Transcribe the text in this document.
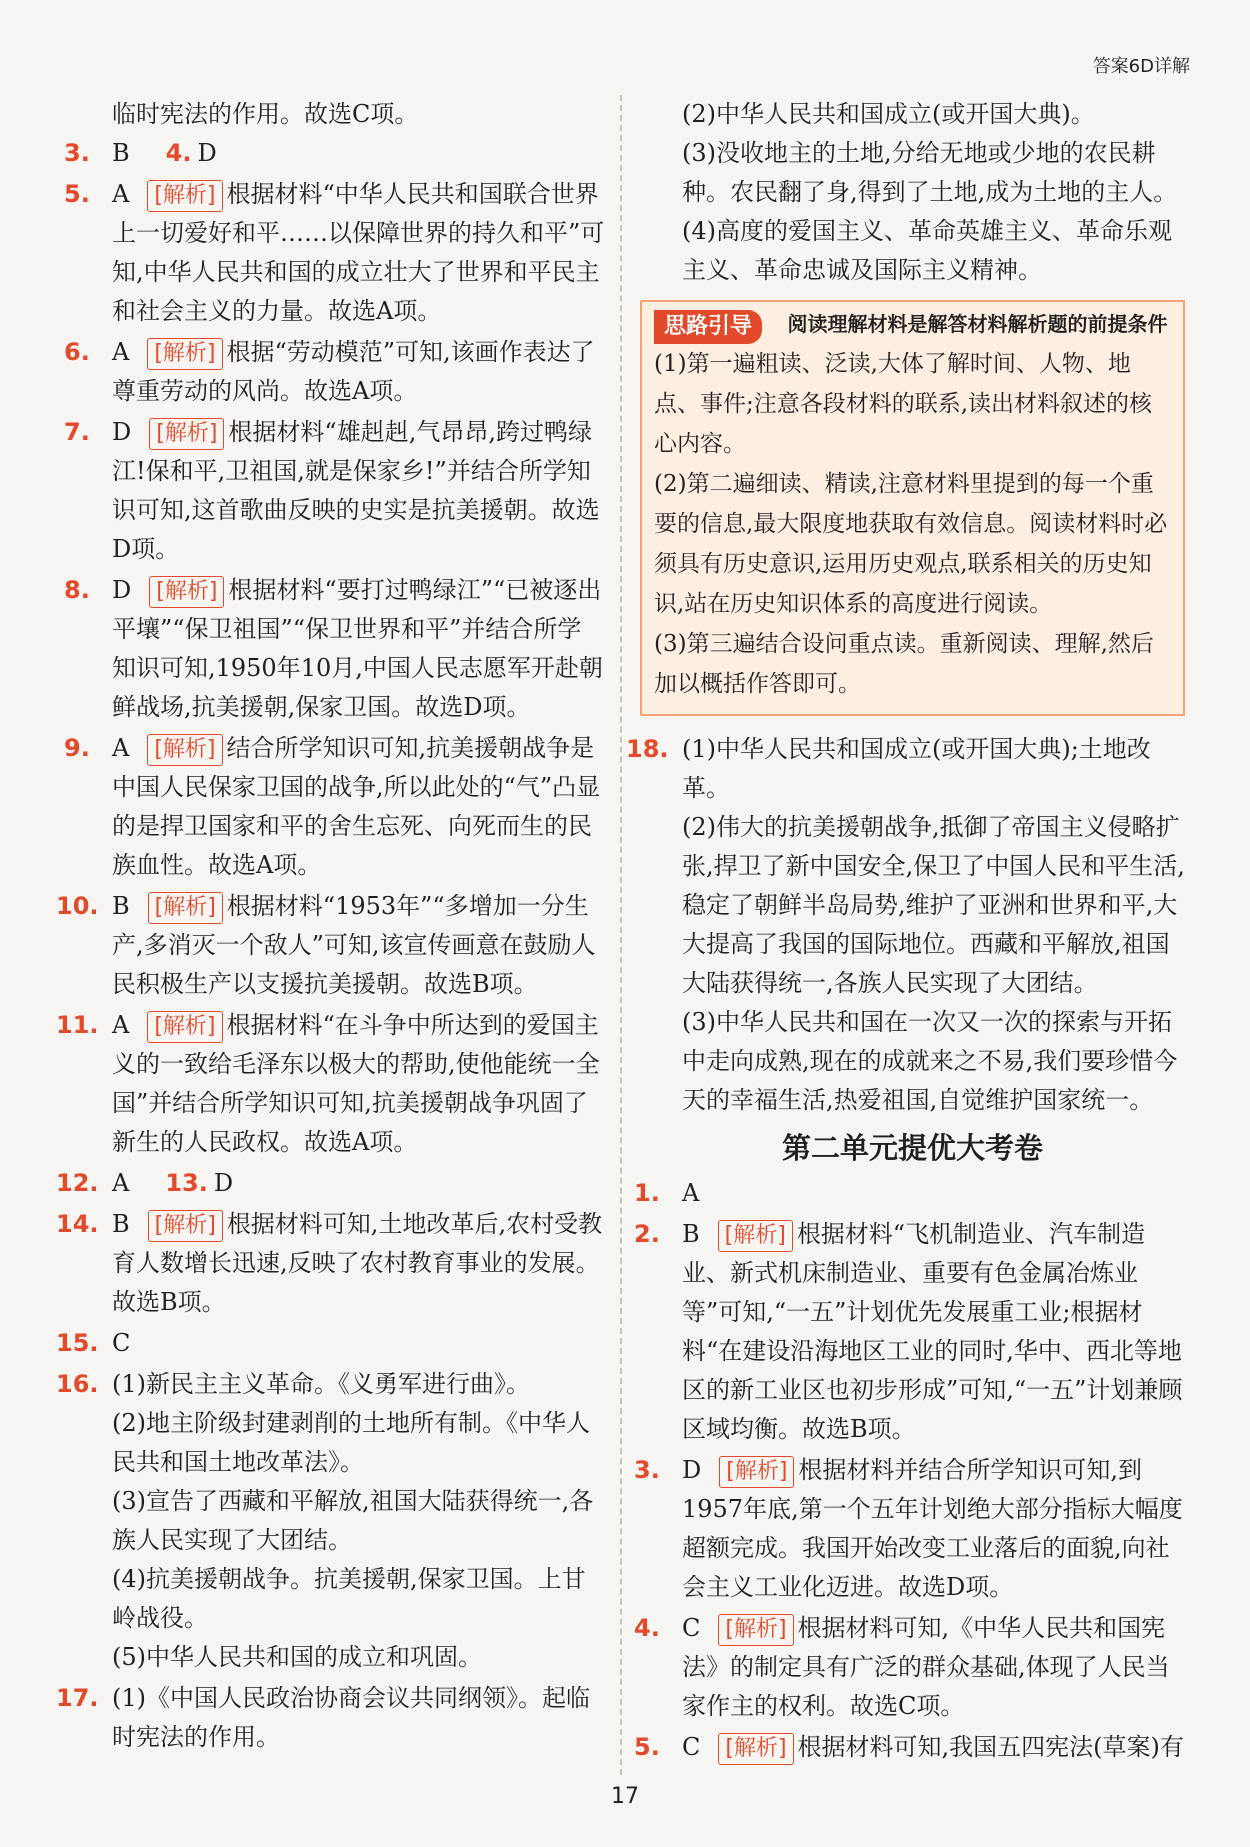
答案6D详解
临时宪法的作用。故选C项。
3. B 4. D
5. A [解析] 根据材料“中华人民共和国联合世界上一切爱好和平……以保障世界的持久和平”可知,中华人民共和国的成立壮大了世界和平民主和社会主义的力量。故选A项。
6. A [解析] 根据“劳动模范”可知,该画作表达了尊重劳动的风尚。故选A项。
7. D [解析] 根据材料“雄赳赳,气昂昂,跨过鸭绿江!保和平,卫祖国,就是保家乡!”并结合所学知识可知,这首歌曲反映的史实是抗美援朝。故选D项。
8. D [解析] 根据材料“要打过鸭绿江”“已被逐出平壤”“保卫祖国”“保卫世界和平”并结合所学知识可知,1950年10月,中国人民志愿军开赴朝鲜战场,抗美援朝,保家卫国。故选D项。
9. A [解析] 结合所学知识可知,抗美援朝战争是中国人民保家卫国的战争,所以此处的“气”凸显的是捍卫国家和平的舍生忘死、向死而生的民族血性。故选A项。
10. B [解析] 根据材料“1953年”“多增加一分生产,多消灭一个敌人”可知,该宣传画意在鼓励人民积极生产以支援抗美援朝。故选B项。
11. A [解析] 根据材料“在斗争中所达到的爱国主义的一致给毛泽东以极大的帮助,使他能统一全国”并结合所学知识可知,抗美援朝战争巩固了新生的人民政权。故选A项。
12. A 13. D
14. B [解析] 根据材料可知,土地改革后,农村受教育人数增长迅速,反映了农村教育事业的发展。故选B项。
15. C
16. (1)新民主主义革命。《义勇军进行曲》。
(2)地主阶级封建剥削的土地所有制。《中华人民共和国土地改革法》。
(3)宣告了西藏和平解放,祖国大陆获得统一,各族人民实现了大团结。
(4)抗美援朝战争。抗美援朝,保家卫国。上甘岭战役。
(5)中华人民共和国的成立和巩固。
17. (1)《中国人民政治协商会议共同纲领》。起临时宪法的作用。
(2)中华人民共和国成立(或开国大典)。
(3)没收地主的土地,分给无地或少地的农民耕种。农民翻了身,得到了土地,成为土地的主人。
(4)高度的爱国主义、革命英雄主义、革命乐观主义、革命忠诚及国际主义精神。
思路引导	阅读理解材料是解答材料解析题的前提条件
(1)第一遍粗读、泛读,大体了解时间、人物、地点、事件;注意各段材料的联系,读出材料叙述的核心内容。
(2)第二遍细读、精读,注意材料里提到的每一个重要的信息,最大限度地获取有效信息。阅读材料时必须具有历史意识,运用历史观点,联系相关的历史知识,站在历史知识体系的高度进行阅读。
(3)第三遍结合设问重点读。重新阅读、理解,然后加以概括作答即可。
18. (1)中华人民共和国成立(或开国大典);土地改革。
(2)伟大的抗美援朝战争,抵御了帝国主义侵略扩张,捍卫了新中国安全,保卫了中国人民和平生活,稳定了朝鲜半岛局势,维护了亚洲和世界和平,大大提高了我国的国际地位。西藏和平解放,祖国大陆获得统一,各族人民实现了大团结。
(3)中华人民共和国在一次又一次的探索与开拓中走向成熟,现在的成就来之不易,我们要珍惜今天的幸福生活,热爱祖国,自觉维护国家统一。
第二单元提优大考卷
1. A
2. B [解析] 根据材料“飞机制造业、汽车制造业、新式机床制造业、重要有色金属冶炼业等”可知,“一五”计划优先发展重工业;根据材料“在建设沿海地区工业的同时,华中、西北等地区的新工业区也初步形成”可知,“一五”计划兼顾区域均衡。故选B项。
3. D [解析] 根据材料并结合所学知识可知,到1957年底,第一个五年计划绝大部分指标大幅度超额完成。我国开始改变工业落后的面貌,向社会主义工业化迈进。故选D项。
4. C [解析] 根据材料可知,《中华人民共和国宪法》的制定具有广泛的群众基础,体现了人民当家作主的权利。故选C项。
5. C [解析] 根据材料可知,我国五四宪法(草案)有
17
